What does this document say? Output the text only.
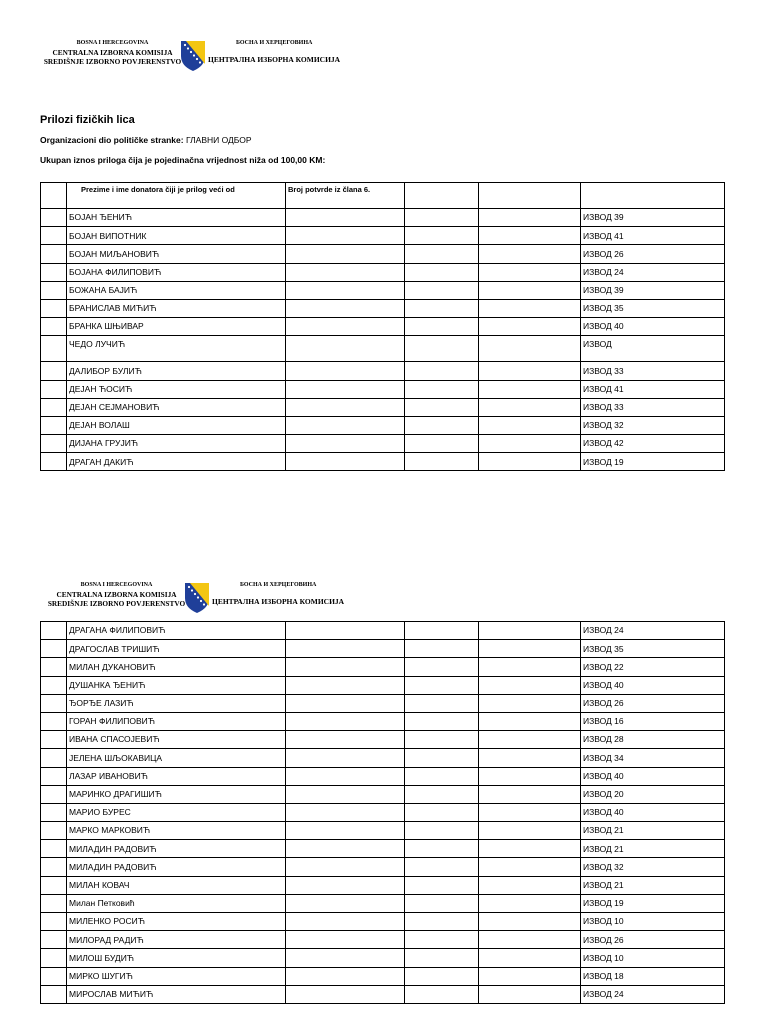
BOSNA I HERCEGOVINA
CENTRALNA IZBORNA KOMISIJA
SREDIŠNJE IZBORNO POVJERENSTVO
БОСНА И ХЕРЦЕГОВИНА
ЦЕНТРАЛНА ИЗБОРНА КОМИСИЈА
Prilozi fizičkih lica
Organizacioni dio političke stranke: ГЛАВНИ ОДБОР
Ukupan iznos priloga čija je pojedinačna vrijednost niža od 100,00 KM:
	Prezime i ime donatora čiji je prilog veći od	Broj potvrde iz člana 6.			
	БОЈАН ЂЕНИЋ				ИЗВОД 39
	БОЈАН ВИПОТНИК				ИЗВОД 41
	БОЈАН МИЉАНОВИЋ				ИЗВОД 26
	БОЈАНА ФИЛИПОВИЋ				ИЗВОД 24
	БОЖАНА БАЈИЋ				ИЗВОД 39
	БРАНИСЛАВ МИЋИЋ				ИЗВОД 35
	БРАНКА ШЊИВАР				ИЗВОД 40
	ЧЕДО ЛУЧИЋ				ИЗВОД
	ДАЛИБОР БУЛИЋ				ИЗВОД 33
	ДЕЈАН ЋОСИЋ				ИЗВОД 41
	ДЕЈАН СЕЈМАНОВИЋ				ИЗВОД 33
	ДЕЈАН ВОЛАШ				ИЗВОД 32
	ДИЈАНА ГРУЈИЋ				ИЗВОД 42
	ДРАГАН ДАКИЋ				ИЗВОД 19
BOSNA I HERCEGOVINA
CENTRALNA IZBORNA KOMISIJA
SREDIŠNJE IZBORNO POVJERENSTVO
БОСНА И ХЕРЦЕГОВИНА
ЦЕНТРАЛНА ИЗБОРНА КОМИСИЈА
	ДРАГАНА ФИЛИПОВИЋ				ИЗВОД 24
	ДРАГОСЛАВ ТРИШИЋ				ИЗВОД 35
	МИЛАН ДУКАНОВИЋ				ИЗВОД 22
	ДУШАНКА ЂЕНИЋ				ИЗВОД 40
	ЂОРЂЕ ЛАЗИЋ				ИЗВОД 26
	ГОРАН ФИЛИПОВИЋ				ИЗВОД 16
	ИВАНА СПАСОЈЕВИЋ				ИЗВОД 28
	ЈЕЛЕНА ШЉОКАВИЦА				ИЗВОД 34
	ЛАЗАР ИВАНОВИЋ				ИЗВОД 40
	МАРИНКО ДРАГИШИЋ				ИЗВОД 20
	МАРИО БУРЕС				ИЗВОД 40
	МАРКО МАРКОВИЋ				ИЗВОД 21
	МИЛАДИН РАДОВИЋ				ИЗВОД 21
	МИЛАДИН РАДОВИЋ				ИЗВОД 32
	МИЛАН КОВАЧ				ИЗВОД 21
	Милан Петковић				ИЗВОД 19
	МИЛЕНКО РОСИЋ				ИЗВОД 10
	МИЛОРАД РАДИЋ				ИЗВОД 26
	МИЛОШ БУДИЋ				ИЗВОД 10
	МИРКО ШУГИЋ				ИЗВОД 18
	МИРОСЛАВ МИЋИЋ				ИЗВОД 24
